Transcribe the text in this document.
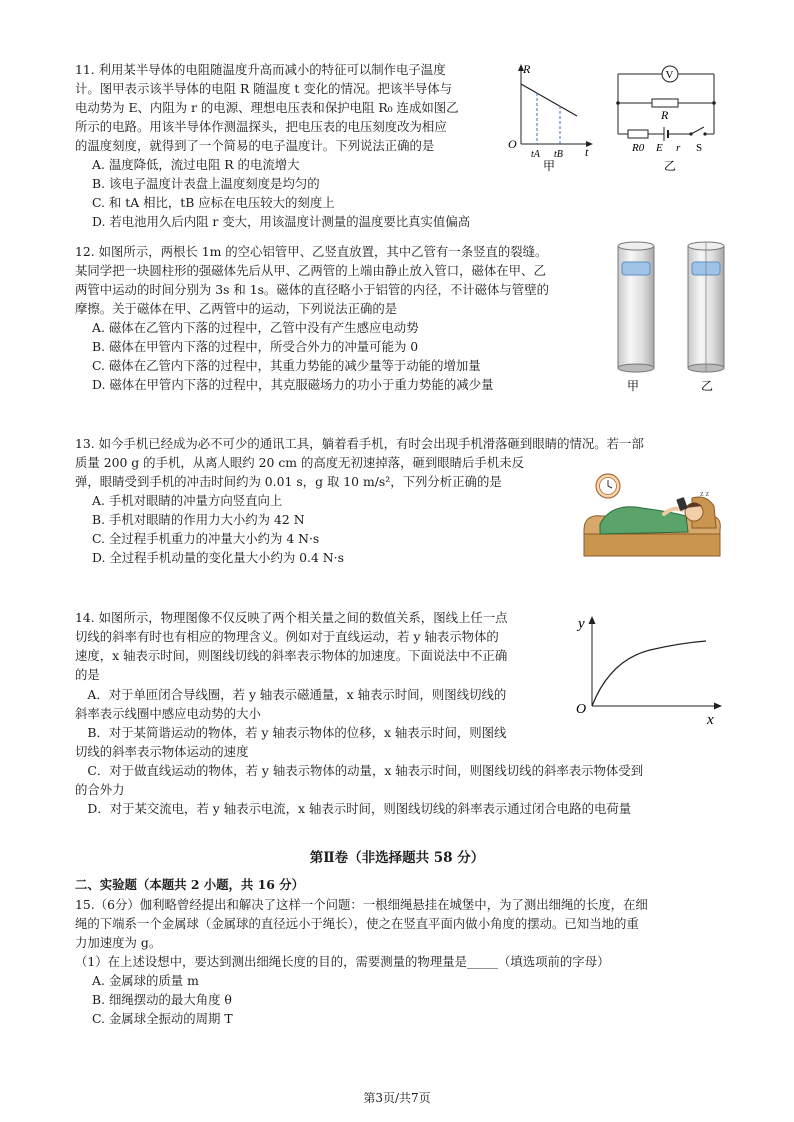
11. 利用某半导体的电阻随温度升高而减小的特征可以制作电子温度
计。图甲表示该半导体的电阻 R 随温度 t 变化的情况。把该半导体与
电动势为 E、内阻为 r 的电源、理想电压表和保护电阻 R₀ 连成如图乙
所示的电路。用该半导体作测温探头，把电压表的电压刻度改为相应
的温度刻度，就得到了一个简易的电子温度计。下列说法正确的是
A. 温度降低，流过电阻 R 的电流增大
B. 该电子温度计表盘上温度刻度是均匀的
C. 和 tA 相比，tB 应标在电压较大的刻度上
D. 若电池用久后内阻 r 变大，用该温度计测量的温度要比真实值偏高
R
O
tA tB t
甲
V
R
R0 E r S
乙
12. 如图所示，两根长 1m 的空心铝管甲、乙竖直放置，其中乙管有一条竖直的裂缝。
某同学把一块圆柱形的强磁体先后从甲、乙两管的上端由静止放入管口，磁体在甲、乙
两管中运动的时间分别为 3s 和 1s。磁体的直径略小于铝管的内径，不计磁体与管壁的
摩擦。关于磁体在甲、乙两管中的运动，下列说法正确的是
A. 磁体在乙管内下落的过程中，乙管中没有产生感应电动势
B. 磁体在甲管内下落的过程中，所受合外力的冲量可能为 0
C. 磁体在乙管内下落的过程中，其重力势能的减少量等于动能的增加量
D. 磁体在甲管内下落的过程中，其克服磁场力的功小于重力势能的减少量	甲	乙
13. 如今手机已经成为必不可少的通讯工具，躺着看手机，有时会出现手机滑落砸到眼睛的情况。若一部
质量 200 g 的手机，从离人眼约 20 cm 的高度无初速掉落，砸到眼睛后手机未反
弹，眼睛受到手机的冲击时间约为 0.01 s，g 取 10 m/s²，下列分析正确的是
A. 手机对眼睛的冲量方向竖直向上
B. 手机对眼睛的作用力大小约为 42 N
C. 全过程手机重力的冲量大小约为 4 N·s
D. 全过程手机动量的变化量大小约为 0.4 N·s
z z
14. 如图所示，物理图像不仅反映了两个相关量之间的数值关系，图线上任一点
切线的斜率有时也有相应的物理含义。例如对于直线运动，若 y 轴表示物体的
速度，x 轴表示时间，则图线切线的斜率表示物体的加速度。下面说法中不正确
的是
　A．对于单匝闭合导线圈，若 y 轴表示磁通量，x 轴表示时间，则图线切线的
斜率表示线圈中感应电动势的大小
　B．对于某简谐运动的物体，若 y 轴表示物体的位移，x 轴表示时间，则图线
切线的斜率表示物体运动的速度
　C．对于做直线运动的物体，若 y 轴表示物体的动量，x 轴表示时间，则图线切线的斜率表示物体受到
的合外力
　D．对于某交流电，若 y 轴表示电流，x 轴表示时间，则图线切线的斜率表示通过闭合电路的电荷量
y
O
x
第Ⅱ卷（非选择题共 58 分）
二、实验题（本题共 2 小题，共 16 分）
15.（6分）伽利略曾经提出和解决了这样一个问题：一根细绳悬挂在城堡中，为了测出细绳的长度，在细
绳的下端系一个金属球（金属球的直径远小于绳长），使之在竖直平面内做小角度的摆动。已知当地的重
力加速度为 g。
（1）在上述设想中，要达到测出细绳长度的目的，需要测量的物理量是_____（填选项前的字母）
A. 金属球的质量 m
B. 细绳摆动的最大角度 θ
C. 金属球全振动的周期 T
第3页/共7页
